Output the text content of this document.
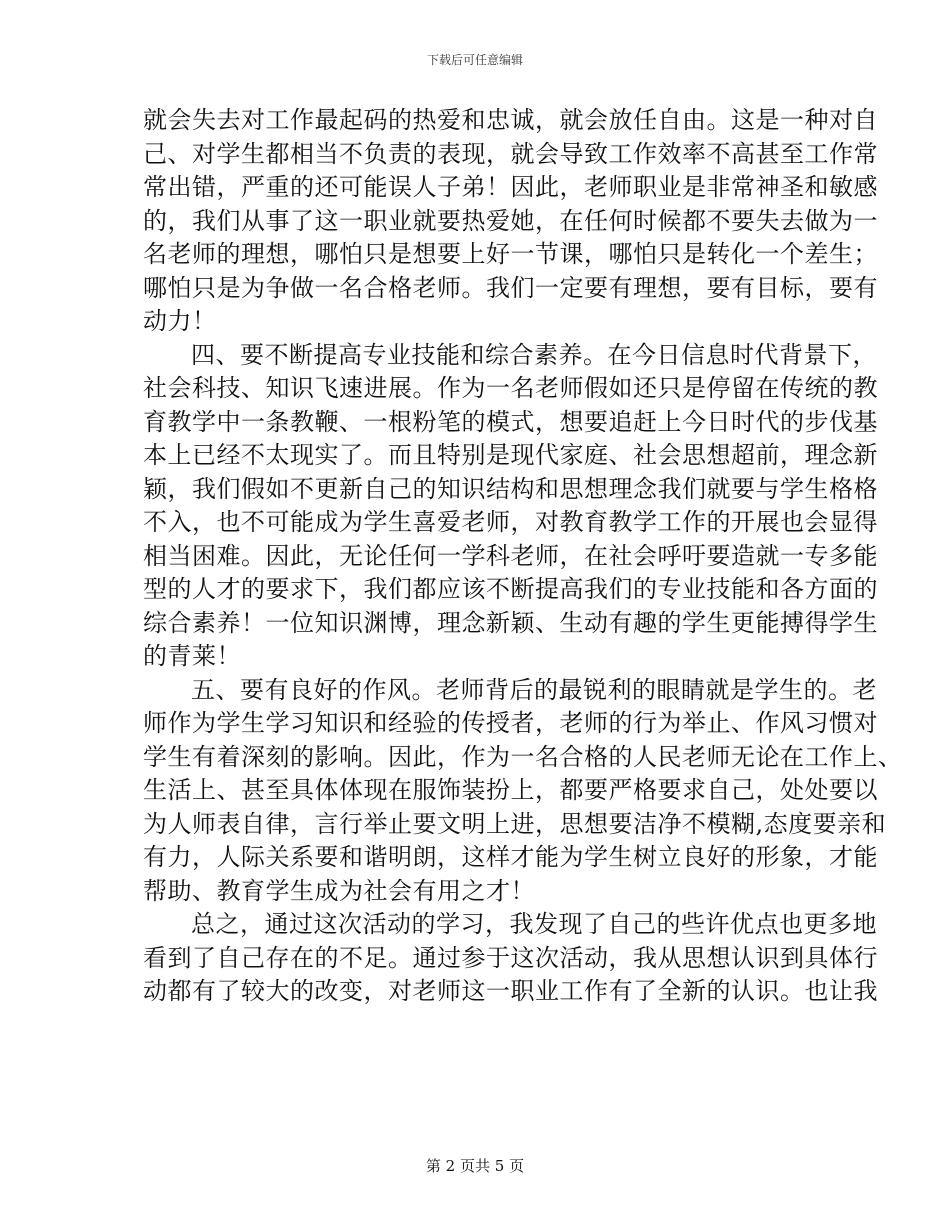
下载后可任意编辑
就会失去对工作最起码的热爱和忠诚，就会放任自由。这是一种对自
己、对学生都相当不负责的表现，就会导致工作效率不高甚至工作常
常出错，严重的还可能误人子弟！因此，老师职业是非常神圣和敏感
的，我们从事了这一职业就要热爱她，在任何时候都不要失去做为一
名老师的理想，哪怕只是想要上好一节课，哪怕只是转化一个差生；
哪怕只是为争做一名合格老师。我们一定要有理想，要有目标，要有
动力！
四、要不断提高专业技能和综合素养。在今日信息时代背景下，
社会科技、知识飞速进展。作为一名老师假如还只是停留在传统的教
育教学中一条教鞭、一根粉笔的模式，想要追赶上今日时代的步伐基
本上已经不太现实了。而且特别是现代家庭、社会思想超前，理念新
颖，我们假如不更新自己的知识结构和思想理念我们就要与学生格格
不入，也不可能成为学生喜爱老师，对教育教学工作的开展也会显得
相当困难。因此，无论任何一学科老师，在社会呼吁要造就一专多能
型的人才的要求下，我们都应该不断提高我们的专业技能和各方面的
综合素养！一位知识渊博，理念新颖、生动有趣的学生更能搏得学生
的青莱！
五、要有良好的作风。老师背后的最锐利的眼睛就是学生的。老
师作为学生学习知识和经验的传授者，老师的行为举止、作风习惯对
学生有着深刻的影响。因此，作为一名合格的人民老师无论在工作上、
生活上、甚至具体体现在服饰装扮上，都要严格要求自己，处处要以
为人师表自律，言行举止要文明上进，思想要洁净不模糊,态度要亲和
有力，人际关系要和谐明朗，这样才能为学生树立良好的形象，才能
帮助、教育学生成为社会有用之才！
总之，通过这次活动的学习，我发现了自己的些许优点也更多地
看到了自己存在的不足。通过参于这次活动，我从思想认识到具体行
动都有了较大的改变，对老师这一职业工作有了全新的认识。也让我
第 2 页共 5 页
